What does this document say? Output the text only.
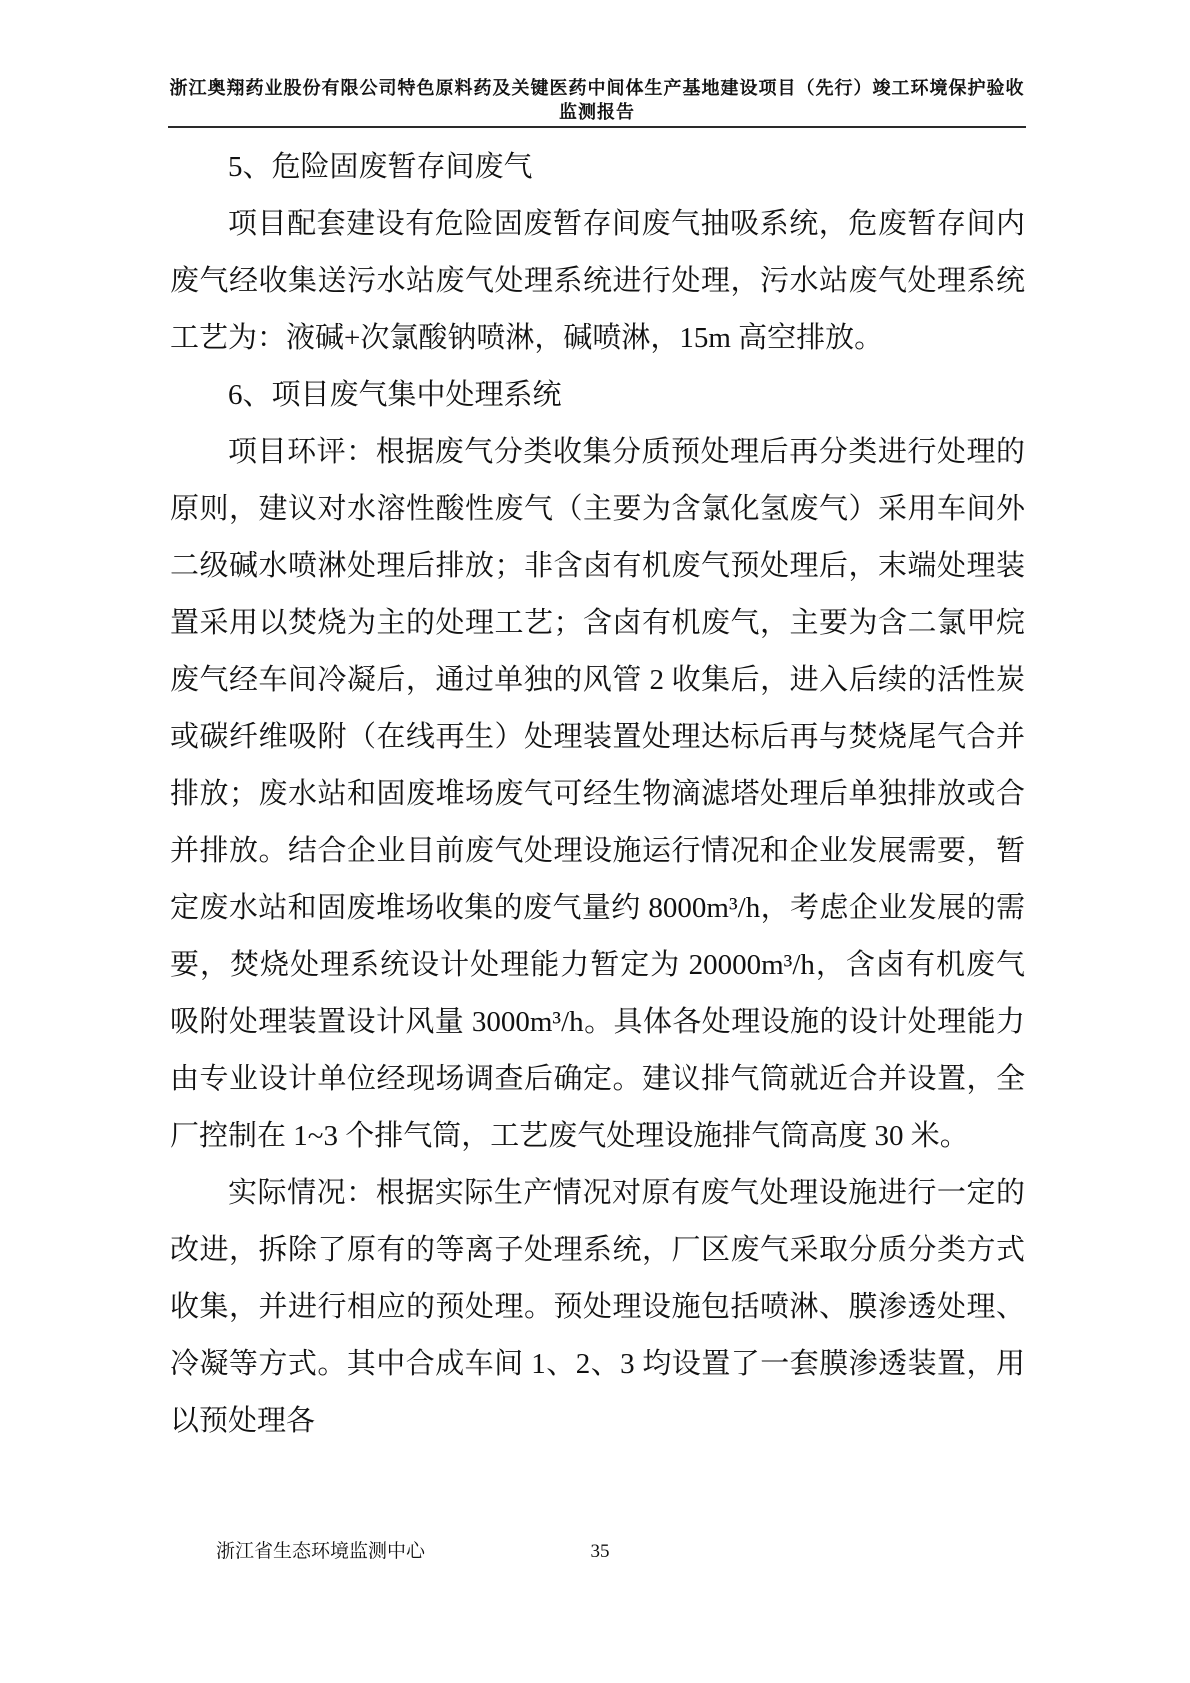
浙江奥翔药业股份有限公司特色原料药及关键医药中间体生产基地建设项目（先行）竣工环境保护验收监测报告

5、危险固废暂存间废气

项目配套建设有危险固废暂存间废气抽吸系统，危废暂存间内废气经收集送污水站废气处理系统进行处理，污水站废气处理系统工艺为：液碱+次氯酸钠喷淋，碱喷淋，15m 高空排放。

6、项目废气集中处理系统

项目环评：根据废气分类收集分质预处理后再分类进行处理的原则，建议对水溶性酸性废气（主要为含氯化氢废气）采用车间外二级碱水喷淋处理后排放；非含卤有机废气预处理后，末端处理装置采用以焚烧为主的处理工艺；含卤有机废气，主要为含二氯甲烷废气经车间冷凝后，通过单独的风管 2 收集后，进入后续的活性炭或碳纤维吸附（在线再生）处理装置处理达标后再与焚烧尾气合并排放；废水站和固废堆场废气可经生物滴滤塔处理后单独排放或合并排放。结合企业目前废气处理设施运行情况和企业发展需要，暂定废水站和固废堆场收集的废气量约 8000m³/h，考虑企业发展的需要，焚烧处理系统设计处理能力暂定为 20000m³/h，含卤有机废气吸附处理装置设计风量 3000m³/h。具体各处理设施的设计处理能力由专业设计单位经现场调查后确定。建议排气筒就近合并设置，全厂控制在 1~3 个排气筒，工艺废气处理设施排气筒高度 30 米。

实际情况：根据实际生产情况对原有废气处理设施进行一定的改进，拆除了原有的等离子处理系统，厂区废气采取分质分类方式收集，并进行相应的预处理。预处理设施包括喷淋、膜渗透处理、冷凝等方式。其中合成车间 1、2、3 均设置了一套膜渗透装置，用以预处理各

浙江省生态环境监测中心	35
